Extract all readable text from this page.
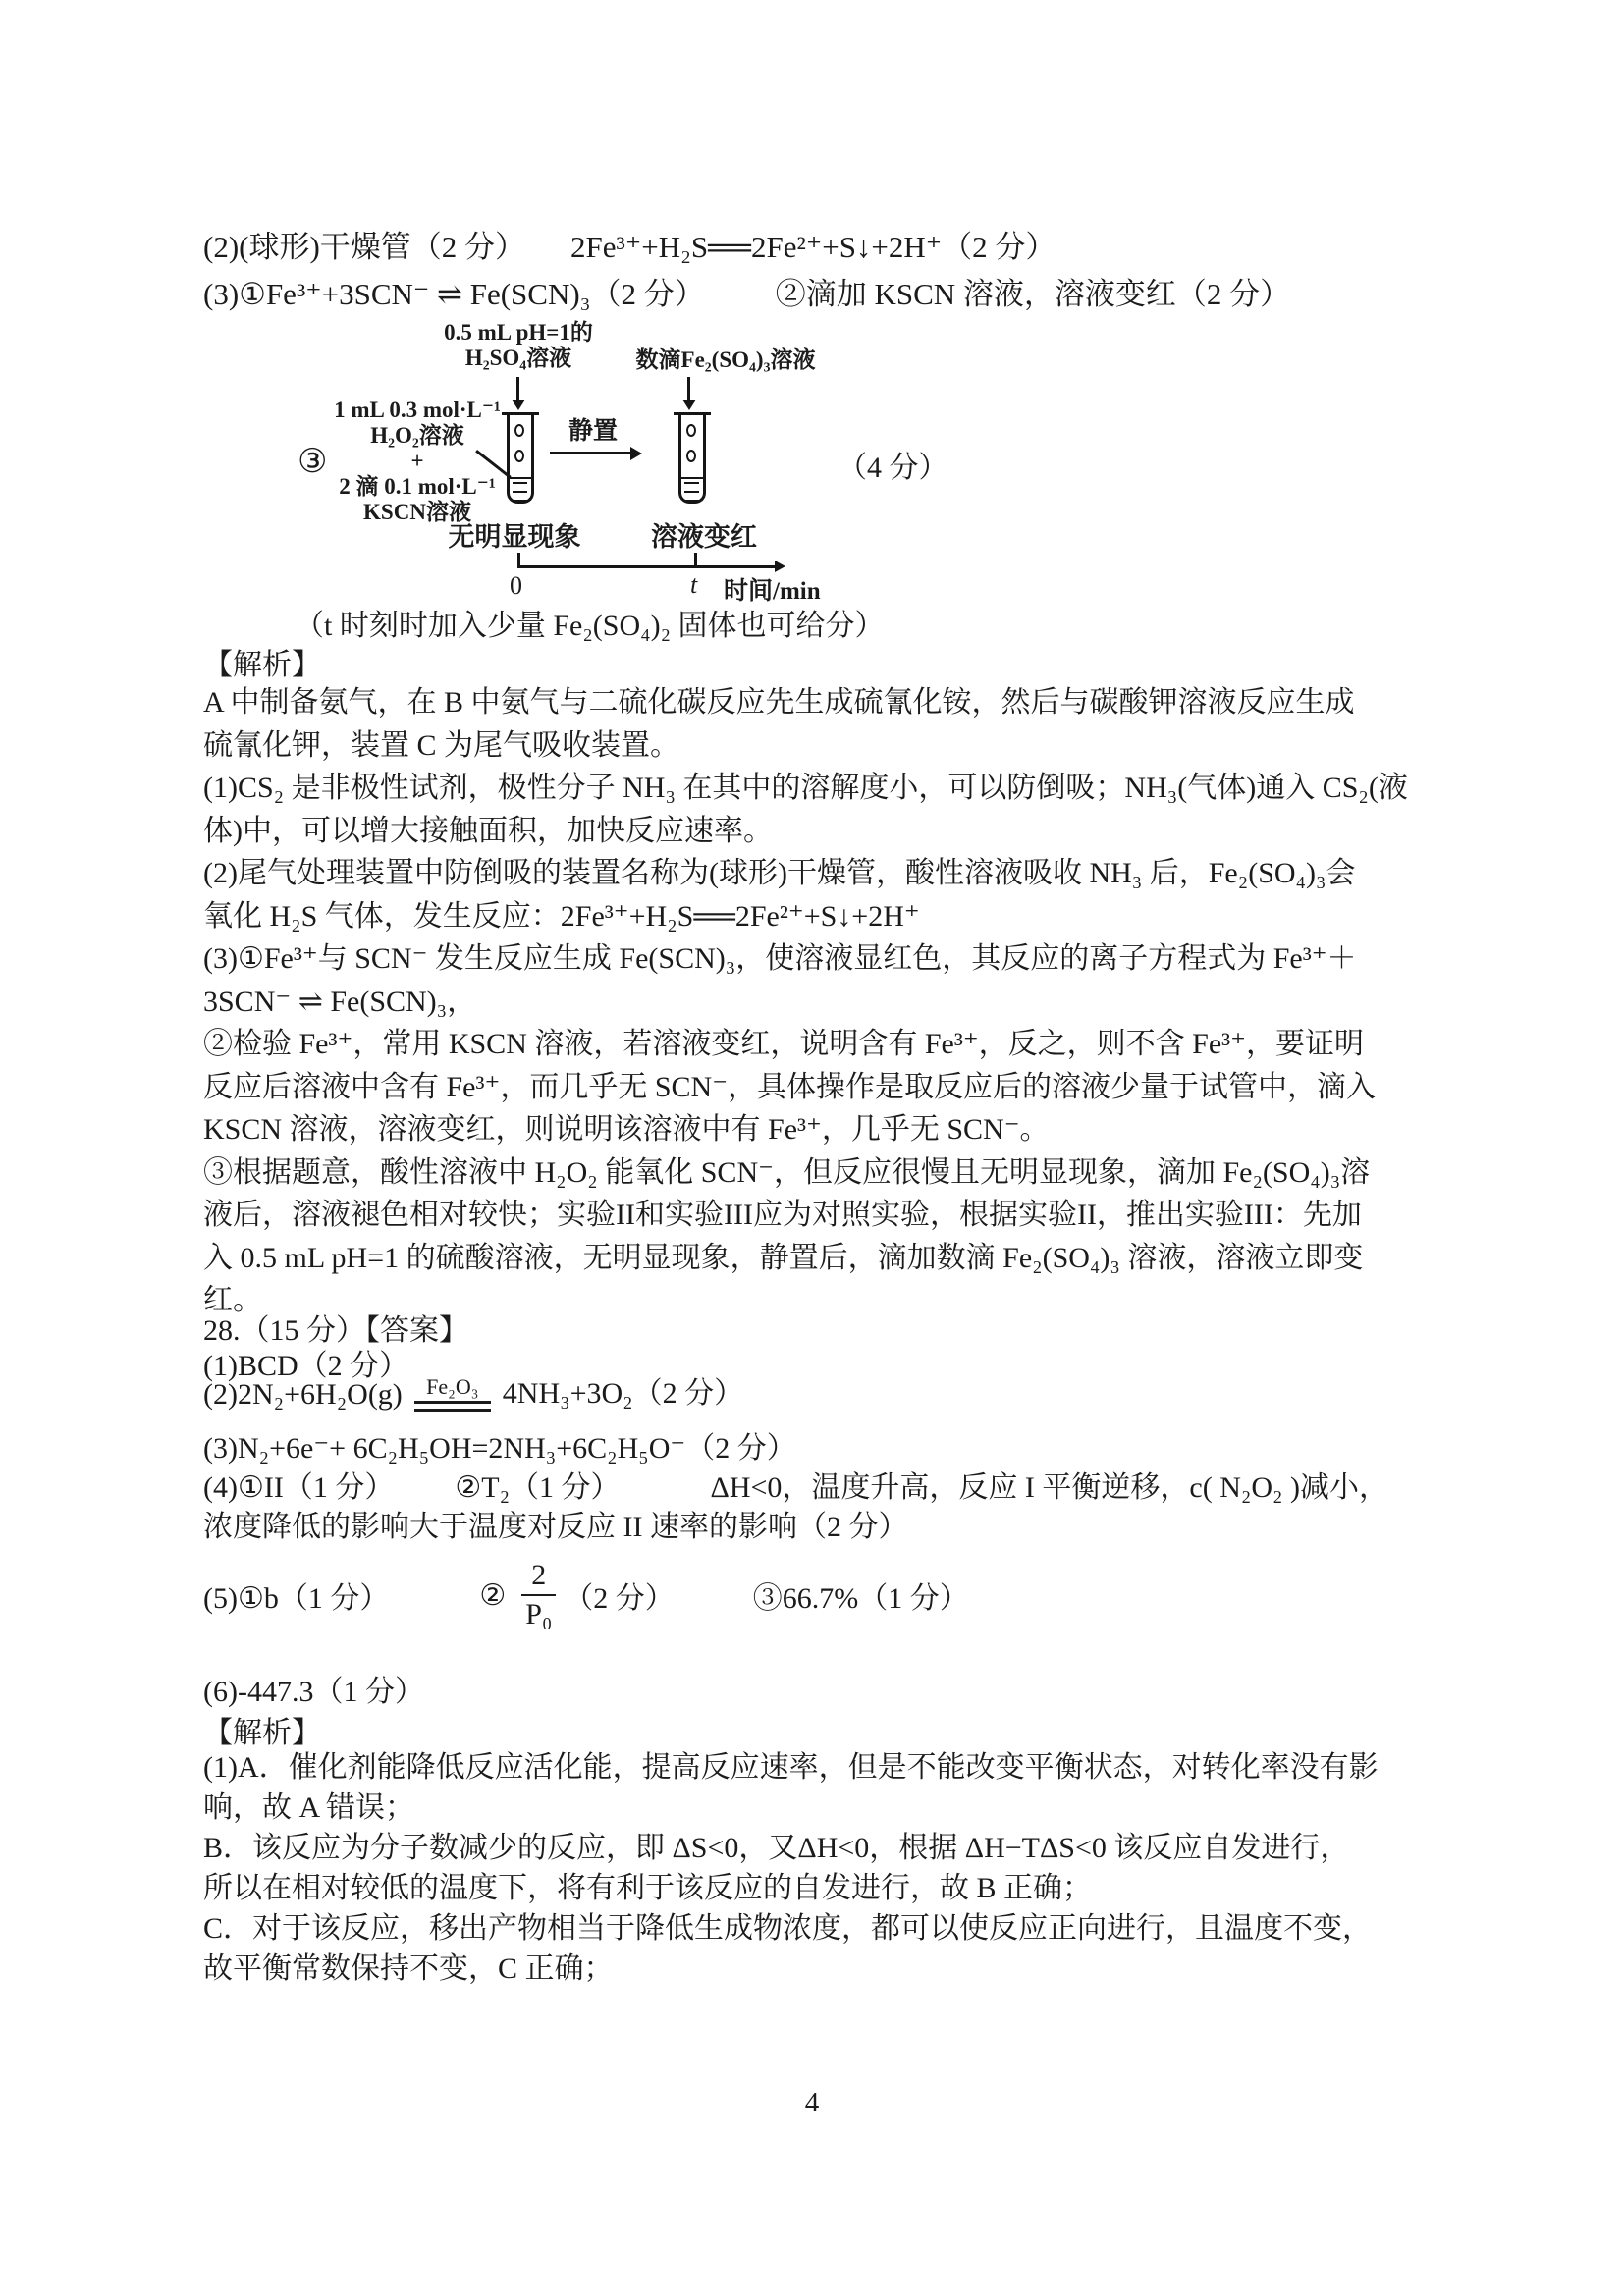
(2)(球形)干燥管（2 分） 2Fe³⁺+H₂S══2Fe²⁺+S↓+2H⁺（2 分）
(3)①Fe³⁺+3SCN⁻ ⇌ Fe(SCN)₃（2 分） ②滴加 KSCN 溶液，溶液变红（2 分）
③
1 mL 0.3 mol·L⁻¹
H₂O₂溶液
+
2 滴 0.1 mol·L⁻¹
KSCN溶液
0.5 mL pH=1的
H₂SO₄溶液	数滴Fe₂(SO₄)₃溶液
静置
无明显现象	溶液变红
0	t 时间/min
（4 分）
（t 时刻时加入少量 Fe₂(SO₄)₂ 固体也可给分）
【解析】
A 中制备氨气，在 B 中氨气与二硫化碳反应先生成硫氰化铵，然后与碳酸钾溶液反应生成
硫氰化钾，装置 C 为尾气吸收装置。
(1)CS₂ 是非极性试剂，极性分子 NH₃ 在其中的溶解度小，可以防倒吸；NH₃(气体)通入 CS₂(液
体)中，可以增大接触面积，加快反应速率。
(2)尾气处理装置中防倒吸的装置名称为(球形)干燥管，酸性溶液吸收 NH₃ 后，Fe₂(SO₄)₃会
氧化 H₂S 气体，发生反应：2Fe³⁺+H₂S══2Fe²⁺+S↓+2H⁺
(3)①Fe³⁺与 SCN⁻ 发生反应生成 Fe(SCN)₃，使溶液显红色，其反应的离子方程式为 Fe³⁺＋
3SCN⁻ ⇌ Fe(SCN)₃，
②检验 Fe³⁺，常用 KSCN 溶液，若溶液变红，说明含有 Fe³⁺，反之，则不含 Fe³⁺，要证明
反应后溶液中含有 Fe³⁺，而几乎无 SCN⁻，具体操作是取反应后的溶液少量于试管中，滴入
KSCN 溶液，溶液变红，则说明该溶液中有 Fe³⁺，几乎无 SCN⁻。
③根据题意，酸性溶液中 H₂O₂ 能氧化 SCN⁻，但反应很慢且无明显现象，滴加 Fe₂(SO₄)₃溶
液后，溶液褪色相对较快；实验II和实验III应为对照实验，根据实验II，推出实验III：先加
入 0.5 mL pH=1 的硫酸溶液，无明显现象，静置后，滴加数滴 Fe₂(SO₄)₃ 溶液，溶液立即变
红。
28.（15 分）【答案】
(1)BCD（2 分）
(2)2N₂+6H₂O(g)	Fe₂O₃ 4NH₃+3O₂（2 分）
(3)N₂+6e⁻+ 6C₂H₅OH=2NH₃+6C₂H₅O⁻（2 分）
(4)①II（1 分） ②T₂（1 分）	ΔH<0，温度升高，反应 I 平衡逆移，c( N₂O₂ )减小，
浓度降低的影响大于温度对反应 II 速率的影响（2 分）
(5)①b（1 分）	② $\frac{2}{\text{P₀}} (2$ 分）	③66.7%（1 分）
(6)-447.3（1 分）
【解析】
(1)A．催化剂能降低反应活化能，提高反应速率，但是不能改变平衡状态，对转化率没有影
响，故 A 错误；
B．该反应为分子数减少的反应，即 ΔS<0，又ΔH<0，根据 ΔH−TΔS<0 该反应自发进行，
所以在相对较低的温度下，将有利于该反应的自发进行，故 B 正确；
C．对于该反应，移出产物相当于降低生成物浓度，都可以使反应正向进行，且温度不变，
故平衡常数保持不变，C 正确；
4
